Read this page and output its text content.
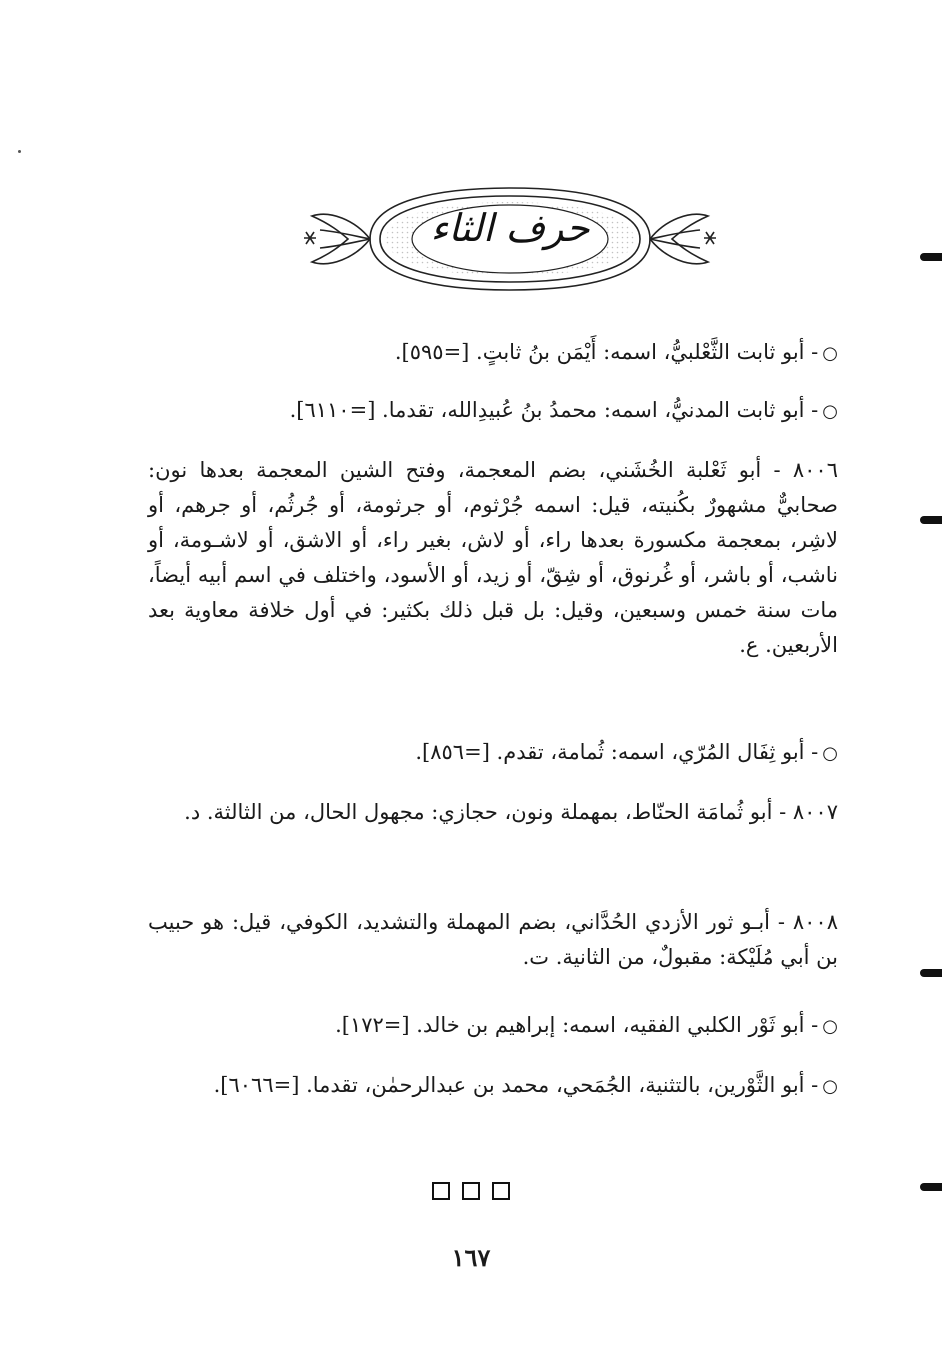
حرف الثاء

○- أبو ثابت الثَّعْلبيُّ، اسمه: أَيْمَن بنُ ثابتٍ. [=٥٩٥].

○- أبو ثابت المدنيُّ، اسمه: محمدُ بنُ عُبيدِالله، تقدما. [=٦١١٠].

٨٠٠٦ - أبو ثَعْلبة الخُشَني، بضم المعجمة، وفتح الشين المعجمة بعدها نون: صحابيٌّ مشهورٌ بكُنيته، قيل: اسمه جُرْثوم، أو جرثومة، أو جُرثُم، أو جرهم، أو لاشِر، بمعجمة مكسورة بعدها راء، أو لاش، بغير راء، أو الاشق، أو لاشـومة، أو ناشب، أو باشر، أو غُرنوق، أو شِقّ، أو زيد، أو الأسود، واختلف في اسم أبيه أيضاً، مات سنة خمس وسبعين، وقيل: بل قبل ذلك بكثير: في أول خلافة معاوية بعد الأربعين. ع.

○- أبو ثِفَال المُرّي، اسمه: ثُمامة، تقدم. [=٨٥٦].

٨٠٠٧ - أبو ثُمامَة الحنّاط، بمهملة ونون، حجازي: مجهول الحال، من الثالثة. د.

٨٠٠٨ - أبـو ثور الأزدي الحُدَّاني، بضم المهملة والتشديد، الكوفي، قيل: هو حبيب بن أبي مُلَيْكة: مقبولٌ، من الثانية. ت.

○- أبو ثَوْر الكلبي الفقيه، اسمه: إبراهيم بن خالد. [=١٧٢].

○- أبو الثَّوْرين، بالتثنية، الجُمَحي، محمد بن عبدالرحمٰن، تقدما. [=٦٠٦٦].

١٦٧
